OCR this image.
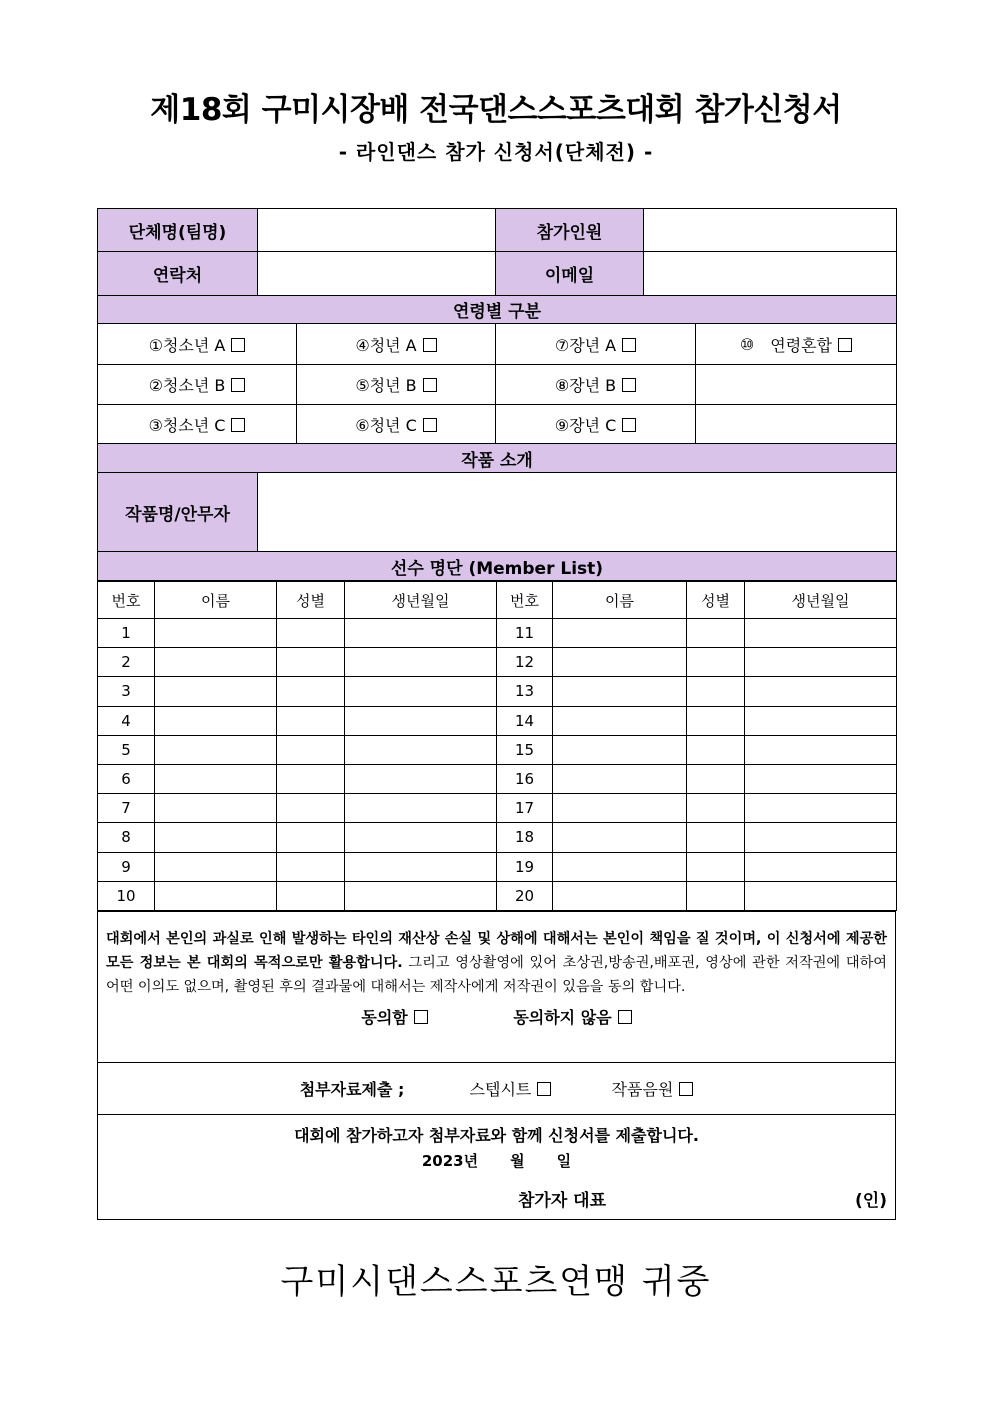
제18회 구미시장배 전국댄스스포츠대회 참가신청서
- 라인댄스 참가 신청서(단체전) -
단체명(팀명)			참가인원		
연락처			이메일		
연령별 구분					
①청소년 A		④청년 A	⑦장년 A		⑩ 연령혼합
②청소년 B		⑤청년 B	⑧장년 B		
③청소년 C		⑥청년 C	⑨장년 C		
작품 소개					
작품명/안무자					
선수 명단 (Member List)					
번호	이름	성별	생년월일	번호	이름	성별	생년월일
1				11			
2				12			
3				13			
4				14			
5				15			
6				16			
7				17			
8				18			
9				19			
10				20			

대회에서 본인의 과실로 인해 발생하는 타인의 재산상 손실 및 상해에 대해서는 본인이 책임을 질 것이며, 이 신청서에 제공한 모든 정보는 본 대회의 목적으로만 활용합니다. 그리고 영상촬영에 있어 초상권,방송권,배포권, 영상에 관한 저작권에 대하여 어떤 이의도 없으며, 촬영된 후의 결과물에 대해서는 제작사에게 저작권이 있음을 동의 합니다.

동의함	동의하지 않음

첨부자료제출 ;	스텝시트	작품음원

대회에 참가하고자 첨부자료와 함께 신청서를 제출합니다.
2023년 월 일
참가자 대표	(인)
구미시댄스스포츠연맹 귀중
